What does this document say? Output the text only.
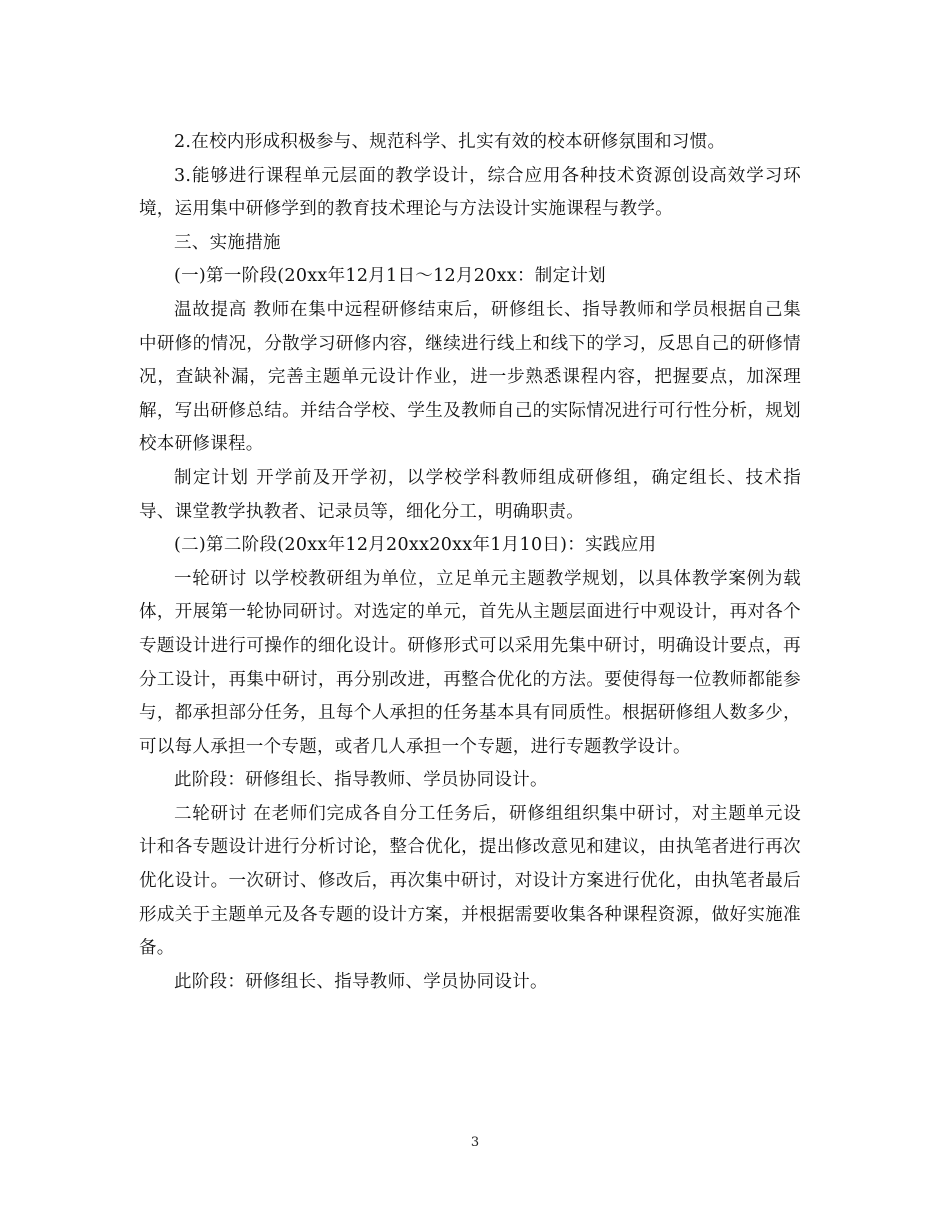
2.在校内形成积极参与、规范科学、扎实有效的校本研修氛围和习惯。

3.能够进行课程单元层面的教学设计，综合应用各种技术资源创设高效学习环境，运用集中研修学到的教育技术理论与方法设计实施课程与教学。

三、实施措施

(一)第一阶段(20xx年12月1日～12月20xx：制定计划

温故提高 教师在集中远程研修结束后，研修组长、指导教师和学员根据自己集中研修的情况，分散学习研修内容，继续进行线上和线下的学习，反思自己的研修情况，查缺补漏，完善主题单元设计作业，进一步熟悉课程内容，把握要点，加深理解，写出研修总结。并结合学校、学生及教师自己的实际情况进行可行性分析，规划校本研修课程。

制定计划 开学前及开学初，以学校学科教师组成研修组，确定组长、技术指导、课堂教学执教者、记录员等，细化分工，明确职责。

(二)第二阶段(20xx年12月20xx20xx年1月10日)：实践应用

一轮研讨 以学校教研组为单位，立足单元主题教学规划，以具体教学案例为载体，开展第一轮协同研讨。对选定的单元，首先从主题层面进行中观设计，再对各个专题设计进行可操作的细化设计。研修形式可以采用先集中研讨，明确设计要点，再分工设计，再集中研讨，再分别改进，再整合优化的方法。要使得每一位教师都能参与，都承担部分任务，且每个人承担的任务基本具有同质性。根据研修组人数多少，可以每人承担一个专题，或者几人承担一个专题，进行专题教学设计。

此阶段：研修组长、指导教师、学员协同设计。

二轮研讨 在老师们完成各自分工任务后，研修组组织集中研讨，对主题单元设计和各专题设计进行分析讨论，整合优化，提出修改意见和建议，由执笔者进行再次优化设计。一次研讨、修改后，再次集中研讨，对设计方案进行优化，由执笔者最后形成关于主题单元及各专题的设计方案，并根据需要收集各种课程资源，做好实施准备。

此阶段：研修组长、指导教师、学员协同设计。

3
